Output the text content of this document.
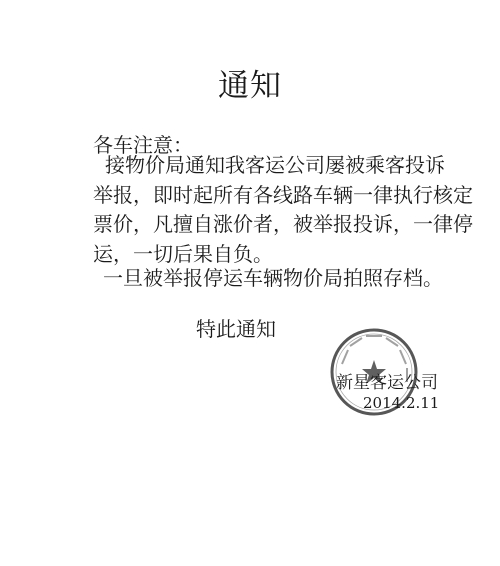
通知
各车注意：
接物价局通知我客运公司屡被乘客投诉
举报，即时起所有各线路车辆一律执行核定
票价，凡擅自涨价者，被举报投诉，一律停
运，一切后果自负。
一旦被举报停运车辆物价局拍照存档。
特此通知
新星客运公司
2014.2.11
